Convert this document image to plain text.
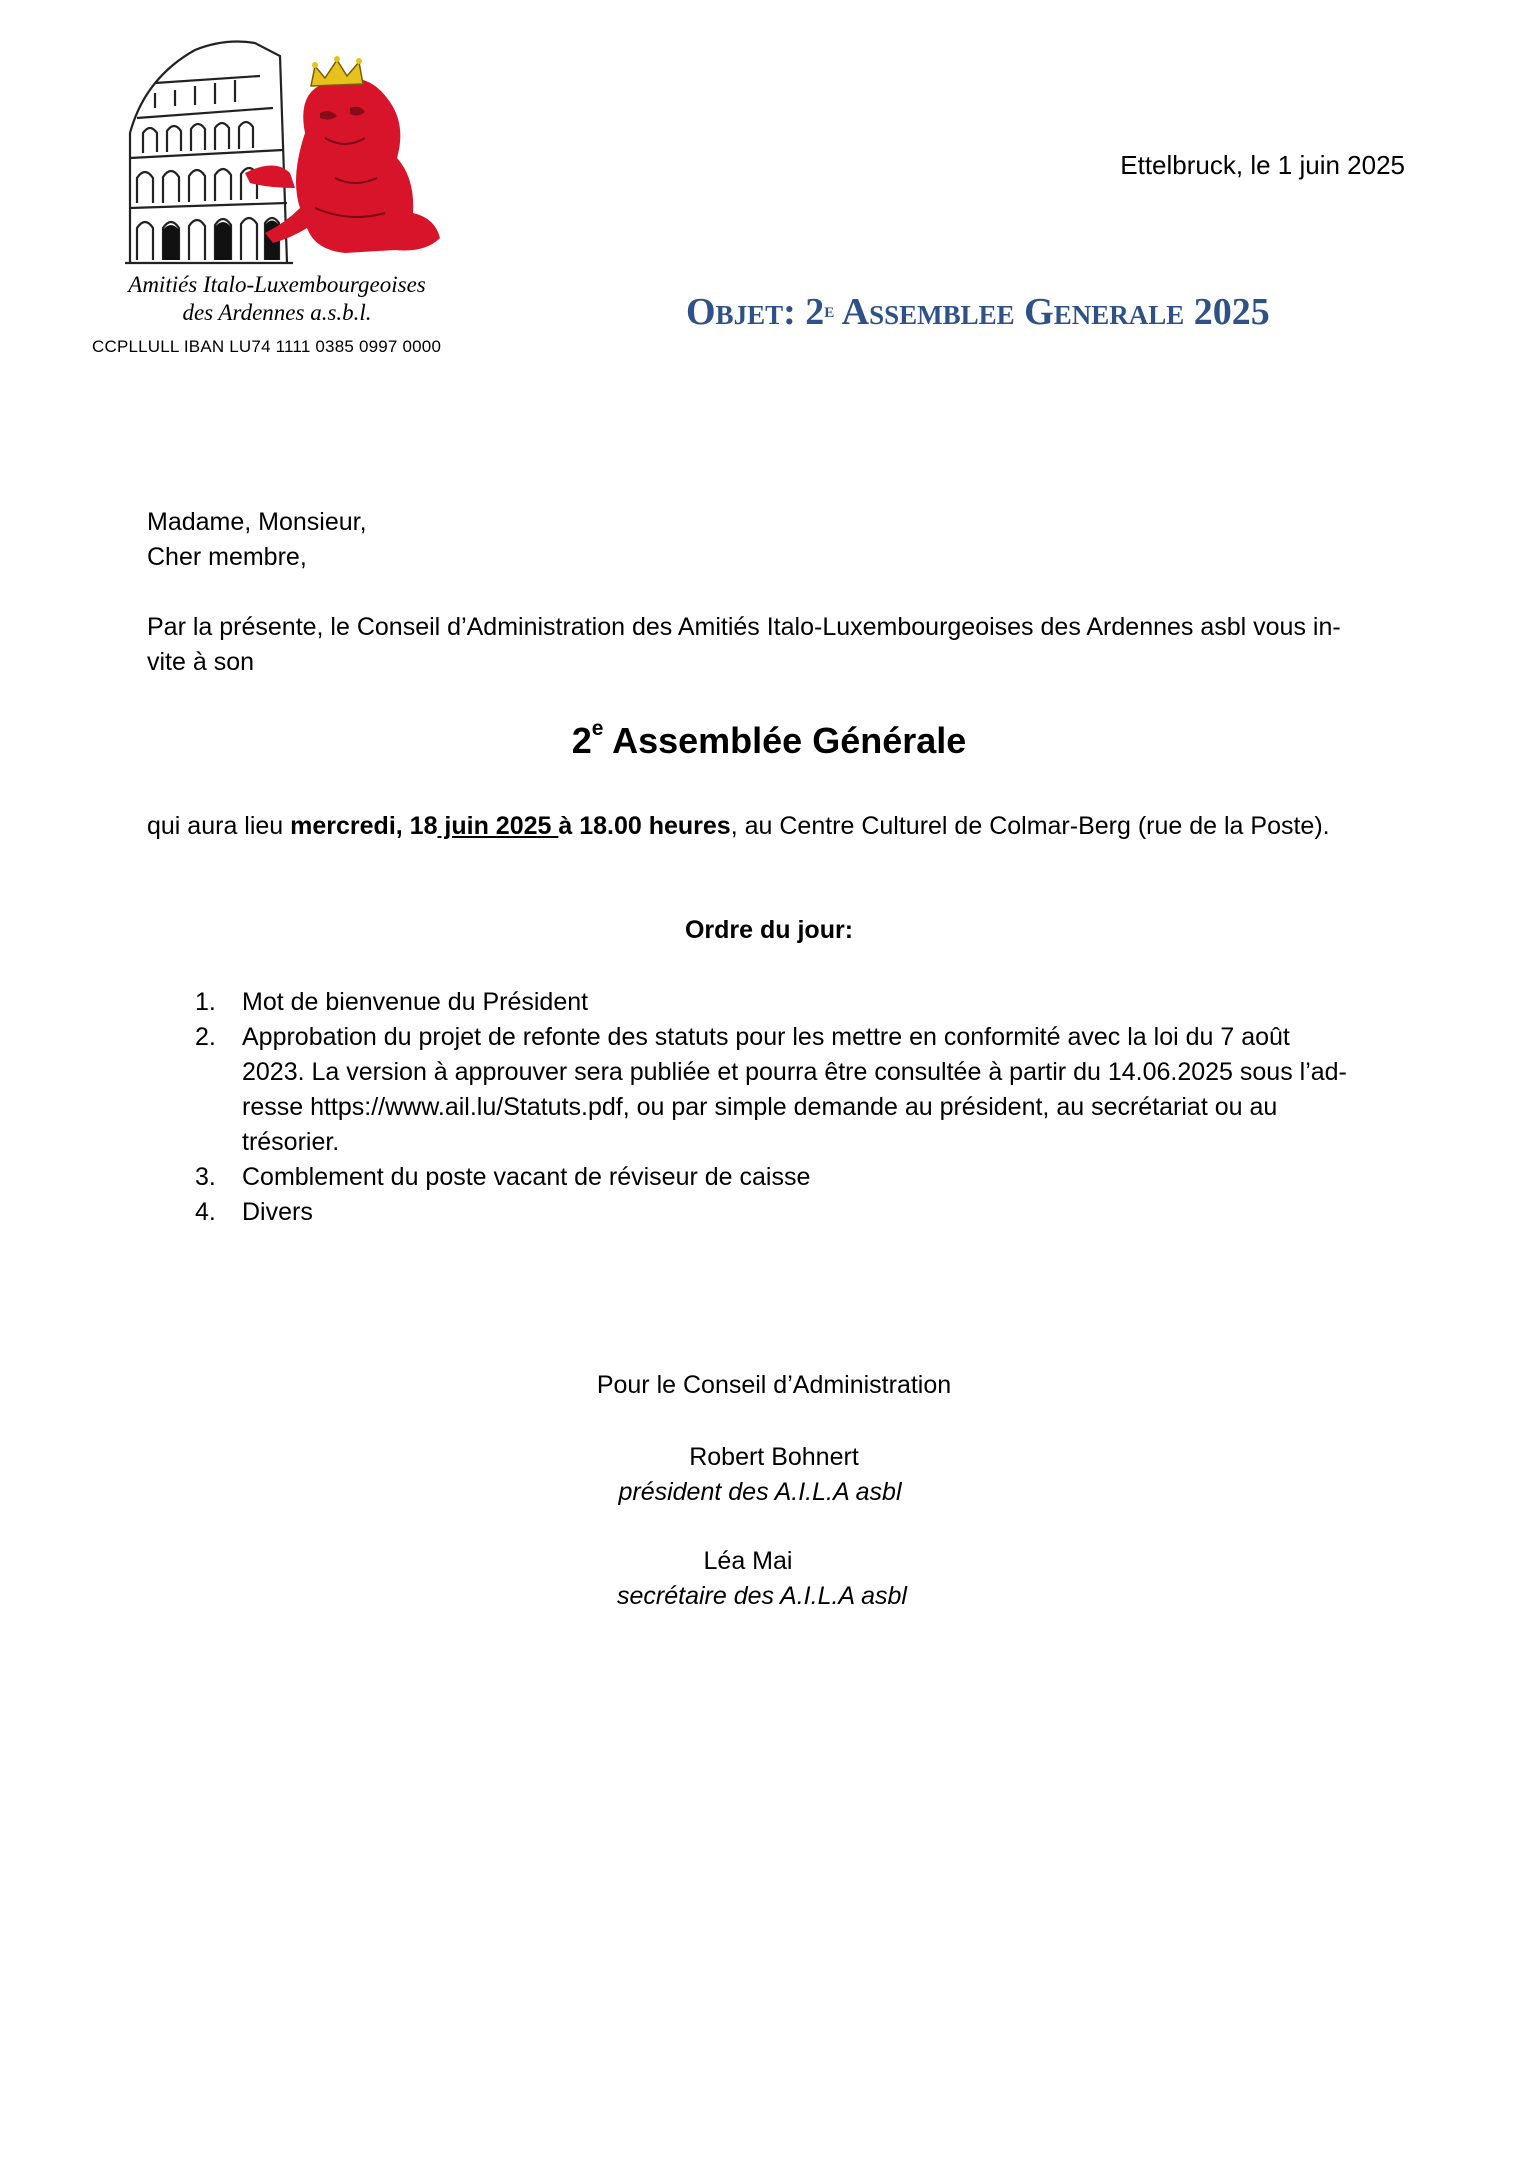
Amitiés Italo-Luxembourgeoises
des Ardennes a.s.b.l.
CCPLLULL IBAN LU74 1111 0385 0997 0000
Ettelbruck, le 1 juin 2025
Objet: 2e Assemblee Generale 2025
Madame, Monsieur,
Cher membre,
Par la présente, le Conseil d’Administration des Amitiés Italo-Luxembourgeoises des Ardennes asbl vous in-
vite à son
2e Assemblée Générale
qui aura lieu mercredi, 18 juin 2025 à 18.00 heures, au Centre Culturel de Colmar-Berg (rue de la Poste).
Ordre du jour:
1. Mot de bienvenue du Président
2. Approbation du projet de refonte des statuts pour les mettre en conformité avec la loi du 7 août
2023. La version à approuver sera publiée et pourra être consultée à partir du 14.06.2025 sous l’ad-
resse https://www.ail.lu/Statuts.pdf, ou par simple demande au président, au secrétariat ou au
trésorier.
3. Comblement du poste vacant de réviseur de caisse
4. Divers
Pour le Conseil d’Administration
Robert Bohnert
président des A.I.L.A asbl
Léa Mai
secrétaire des A.I.L.A asbl
